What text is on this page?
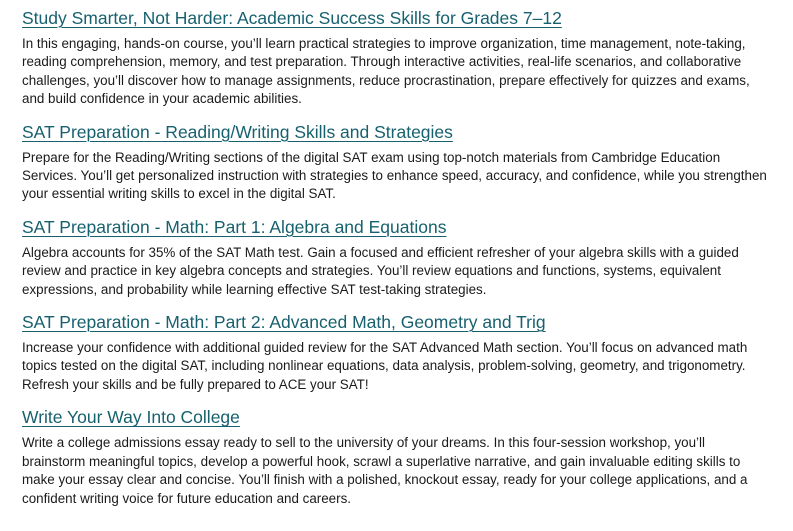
Study Smarter, Not Harder: Academic Success Skills for Grades 7–12

In this engaging, hands-on course, you’ll learn practical strategies to improve organization, time management, note-taking, reading comprehension, memory, and test preparation. Through interactive activities, real-life scenarios, and collaborative challenges, you’ll discover how to manage assignments, reduce procrastination, prepare effectively for quizzes and exams, and build confidence in your academic abilities.

SAT Preparation - Reading/Writing Skills and Strategies

Prepare for the Reading/Writing sections of the digital SAT exam using top-notch materials from Cambridge Education Services. You’ll get personalized instruction with strategies to enhance speed, accuracy, and confidence, while you strengthen your essential writing skills to excel in the digital SAT.

SAT Preparation - Math: Part 1: Algebra and Equations

Algebra accounts for 35% of the SAT Math test. Gain a focused and efficient refresher of your algebra skills with a guided review and practice in key algebra concepts and strategies. You’ll review equations and functions, systems, equivalent expressions, and probability while learning effective SAT test-taking strategies.

SAT Preparation - Math: Part 2: Advanced Math, Geometry and Trig

Increase your confidence with additional guided review for the SAT Advanced Math section. You’ll focus on advanced math topics tested on the digital SAT, including nonlinear equations, data analysis, problem-solving, geometry, and trigonometry. Refresh your skills and be fully prepared to ACE your SAT!

Write Your Way Into College

Write a college admissions essay ready to sell to the university of your dreams. In this four-session workshop, you’ll brainstorm meaningful topics, develop a powerful hook, scrawl a superlative narrative, and gain invaluable editing skills to make your essay clear and concise. You’ll finish with a polished, knockout essay, ready for your college applications, and a confident writing voice for future education and careers.
